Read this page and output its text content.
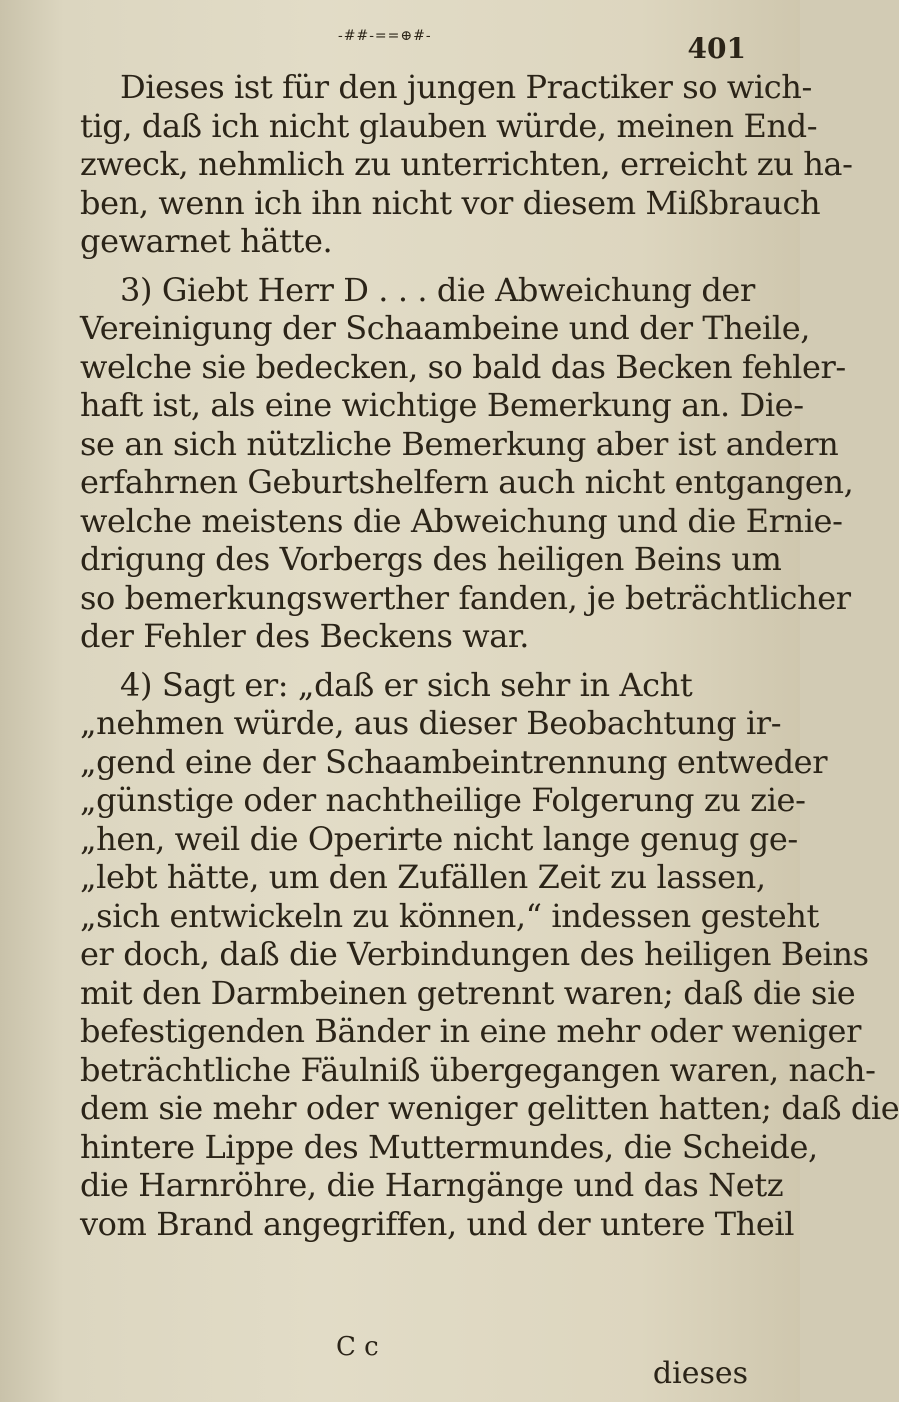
-##-==⊕#-	401
Dieses ist für den jungen Practiker so wich-
tig, daß ich nicht glauben würde, meinen End-
zweck, nehmlich zu unterrichten, erreicht zu ha-
ben, wenn ich ihn nicht vor diesem Mißbrauch
gewarnet hätte.
3) Giebt Herr D . . . die Abweichung der
Vereinigung der Schaambeine und der Theile,
welche sie bedecken, so bald das Becken fehler-
haft ist, als eine wichtige Bemerkung an. Die-
se an sich nützliche Bemerkung aber ist andern
erfahrnen Geburtshelfern auch nicht entgangen,
welche meistens die Abweichung und die Ernie-
drigung des Vorbergs des heiligen Beins um
so bemerkungswerther fanden, je beträchtlicher
der Fehler des Beckens war.
4) Sagt er: „daß er sich sehr in Acht
„nehmen würde, aus dieser Beobachtung ir-
„gend eine der Schaambeintrennung entweder
„günstige oder nachtheilige Folgerung zu zie-
„hen, weil die Operirte nicht lange genug ge-
„lebt hätte, um den Zufällen Zeit zu lassen,
„sich entwickeln zu können,“ indessen gesteht
er doch, daß die Verbindungen des heiligen Beins
mit den Darmbeinen getrennt waren; daß die sie
befestigenden Bänder in eine mehr oder weniger
beträchtliche Fäulniß übergegangen waren, nach-
dem sie mehr oder weniger gelitten hatten; daß die
hintere Lippe des Muttermundes, die Scheide,
die Harnröhre, die Harngänge und das Netz
vom Brand angegriffen, und der untere Theil
C c
dieses
